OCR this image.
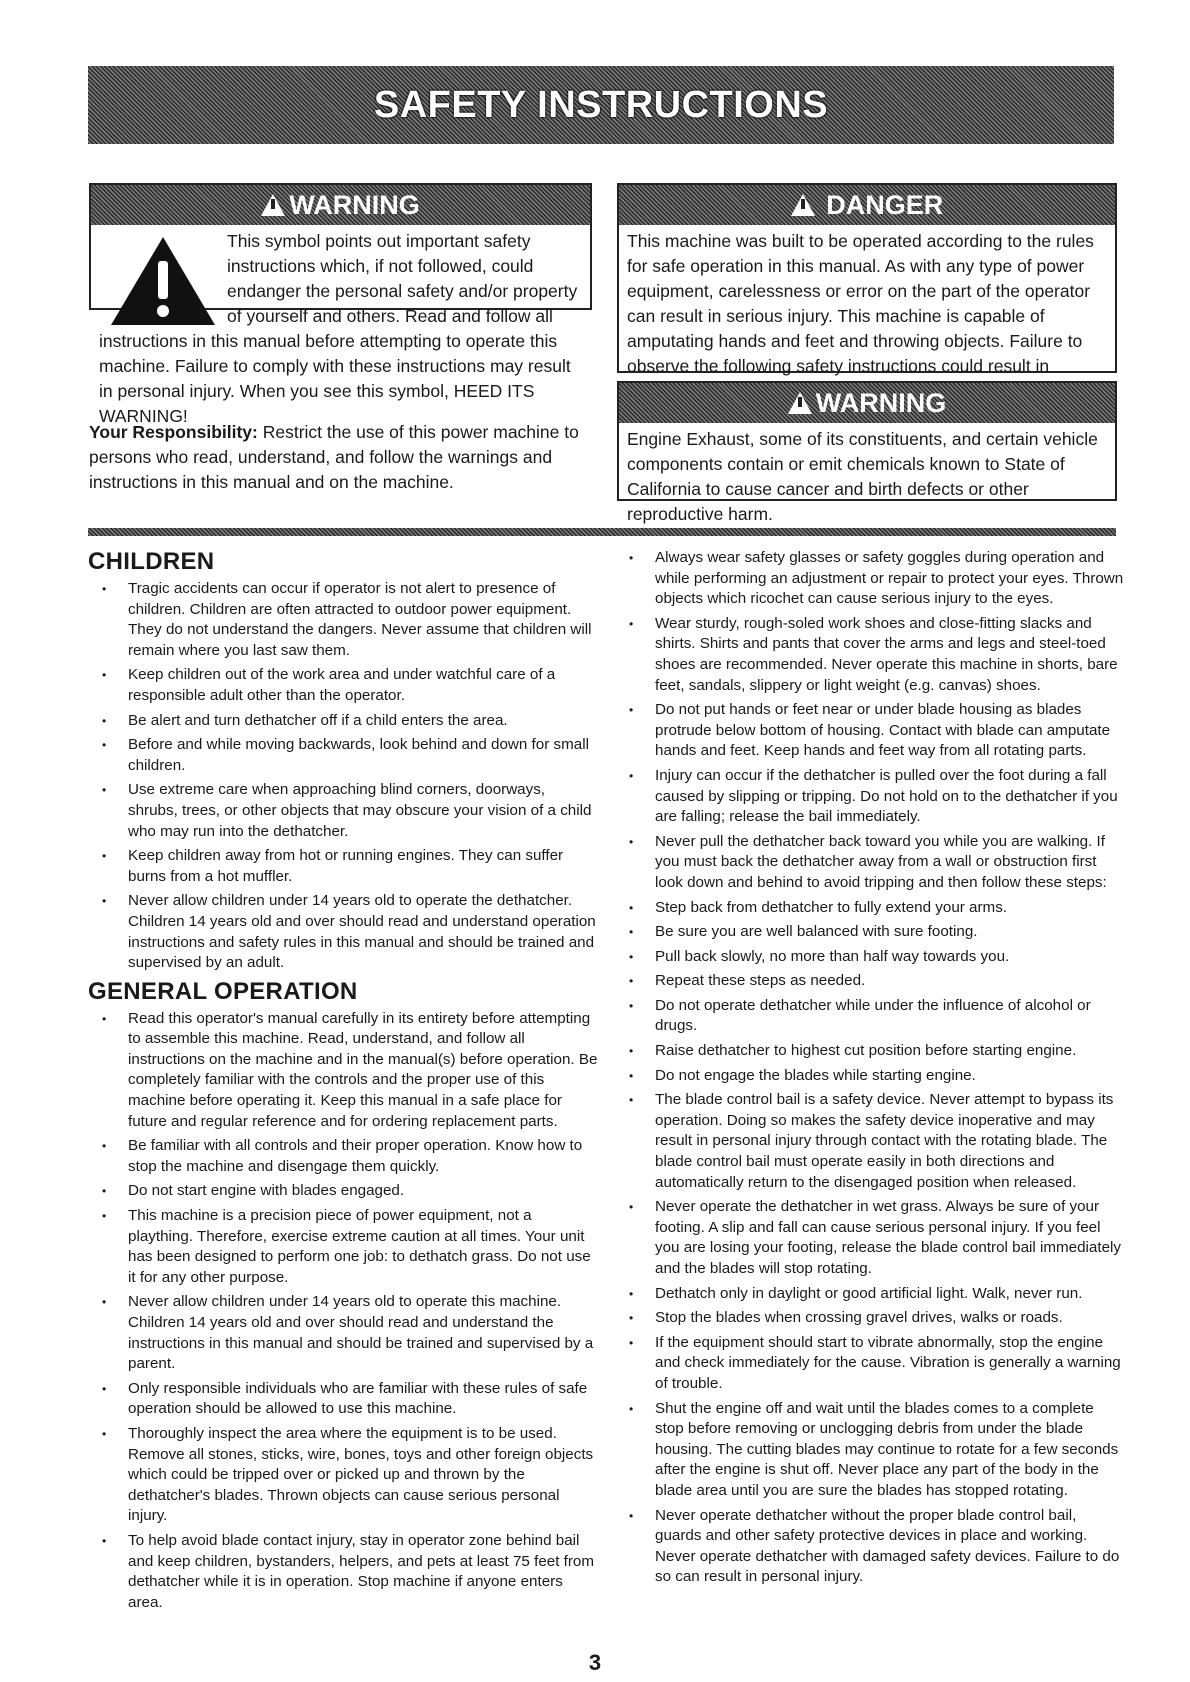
SAFETY INSTRUCTIONS
WARNING
This symbol points out important safety instructions which, if not followed, could endanger the personal safety and/or property of yourself and others. Read and follow all instructions in this manual before attempting to operate this machine. Failure to comply with these instructions may result in personal injury. When you see this symbol, HEED ITS WARNING!
Your Responsibility: Restrict the use of this power machine to persons who read, understand, and follow the warnings and instructions in this manual and on the machine.
DANGER
This machine was built to be operated according to the rules for safe operation in this manual. As with any type of power equipment, carelessness or error on the part of the operator can result in serious injury. This machine is capable of amputating hands and feet and throwing objects. Failure to observe the following safety instructions could result in
WARNING
Engine Exhaust, some of its constituents, and certain vehicle components contain or emit chemicals known to State of California to cause cancer and birth defects or other reproductive harm.
CHILDREN
• Tragic accidents can occur if operator is not alert to presence of children. Children are often attracted to outdoor power equipment. They do not understand the dangers. Never assume that children will remain where you last saw them.
• Keep children out of the work area and under watchful care of a responsible adult other than the operator.
• Be alert and turn dethatcher off if a child enters the area.
• Before and while moving backwards, look behind and down for small children.
• Use extreme care when approaching blind corners, doorways, shrubs, trees, or other objects that may obscure your vision of a child who may run into the dethatcher.
• Keep children away from hot or running engines. They can suffer burns from a hot muffler.
• Never allow children under 14 years old to operate the dethatcher. Children 14 years old and over should read and understand operation instructions and safety rules in this manual and should be trained and supervised by an adult.
GENERAL OPERATION
• Read this operator's manual carefully in its entirety before attempting to assemble this machine. Read, understand, and follow all instructions on the machine and in the manual(s) before operation. Be completely familiar with the controls and the proper use of this machine before operating it. Keep this manual in a safe place for future and regular reference and for ordering replacement parts.
• Be familiar with all controls and their proper operation. Know how to stop the machine and disengage them quickly.
• Do not start engine with blades engaged.
• This machine is a precision piece of power equipment, not a plaything. Therefore, exercise extreme caution at all times. Your unit has been designed to perform one job: to dethatch grass. Do not use it for any other purpose.
• Never allow children under 14 years old to operate this machine. Children 14 years old and over should read and understand the instructions in this manual and should be trained and supervised by a parent.
• Only responsible individuals who are familiar with these rules of safe operation should be allowed to use this machine.
• Thoroughly inspect the area where the equipment is to be used. Remove all stones, sticks, wire, bones, toys and other foreign objects which could be tripped over or picked up and thrown by the dethatcher's blades. Thrown objects can cause serious personal injury.
• To help avoid blade contact injury, stay in operator zone behind bail and keep children, bystanders, helpers, and pets at least 75 feet from dethatcher while it is in operation. Stop machine if anyone enters area.
• Always wear safety glasses or safety goggles during operation and while performing an adjustment or repair to protect your eyes. Thrown objects which ricochet can cause serious injury to the eyes.
• Wear sturdy, rough-soled work shoes and close-fitting slacks and shirts. Shirts and pants that cover the arms and legs and steel-toed shoes are recommended. Never operate this machine in shorts, bare feet, sandals, slippery or light weight (e.g. canvas) shoes.
• Do not put hands or feet near or under blade housing as blades protrude below bottom of housing. Contact with blade can amputate hands and feet. Keep hands and feet way from all rotating parts.
• Injury can occur if the dethatcher is pulled over the foot during a fall caused by slipping or tripping. Do not hold on to the dethatcher if you are falling; release the bail immediately.
• Never pull the dethatcher back toward you while you are walking. If you must back the dethatcher away from a wall or obstruction first look down and behind to avoid tripping and then follow these steps:
• Step back from dethatcher to fully extend your arms.
• Be sure you are well balanced with sure footing.
• Pull back slowly, no more than half way towards you.
• Repeat these steps as needed.
• Do not operate dethatcher while under the influence of alcohol or drugs.
• Raise dethatcher to highest cut position before starting engine.
• Do not engage the blades while starting engine.
• The blade control bail is a safety device. Never attempt to bypass its operation. Doing so makes the safety device inoperative and may result in personal injury through contact with the rotating blade. The blade control bail must operate easily in both directions and automatically return to the disengaged position when released.
• Never operate the dethatcher in wet grass. Always be sure of your footing. A slip and fall can cause serious personal injury. If you feel you are losing your footing, release the blade control bail immediately and the blades will stop rotating.
• Dethatch only in daylight or good artificial light. Walk, never run.
• Stop the blades when crossing gravel drives, walks or roads.
• If the equipment should start to vibrate abnormally, stop the engine and check immediately for the cause. Vibration is generally a warning of trouble.
• Shut the engine off and wait until the blades comes to a complete stop before removing or unclogging debris from under the blade housing. The cutting blades may continue to rotate for a few seconds after the engine is shut off. Never place any part of the body in the blade area until you are sure the blades has stopped rotating.
• Never operate dethatcher without the proper blade control bail, guards and other safety protective devices in place and working. Never operate dethatcher with damaged safety devices. Failure to do so can result in personal injury.
3
